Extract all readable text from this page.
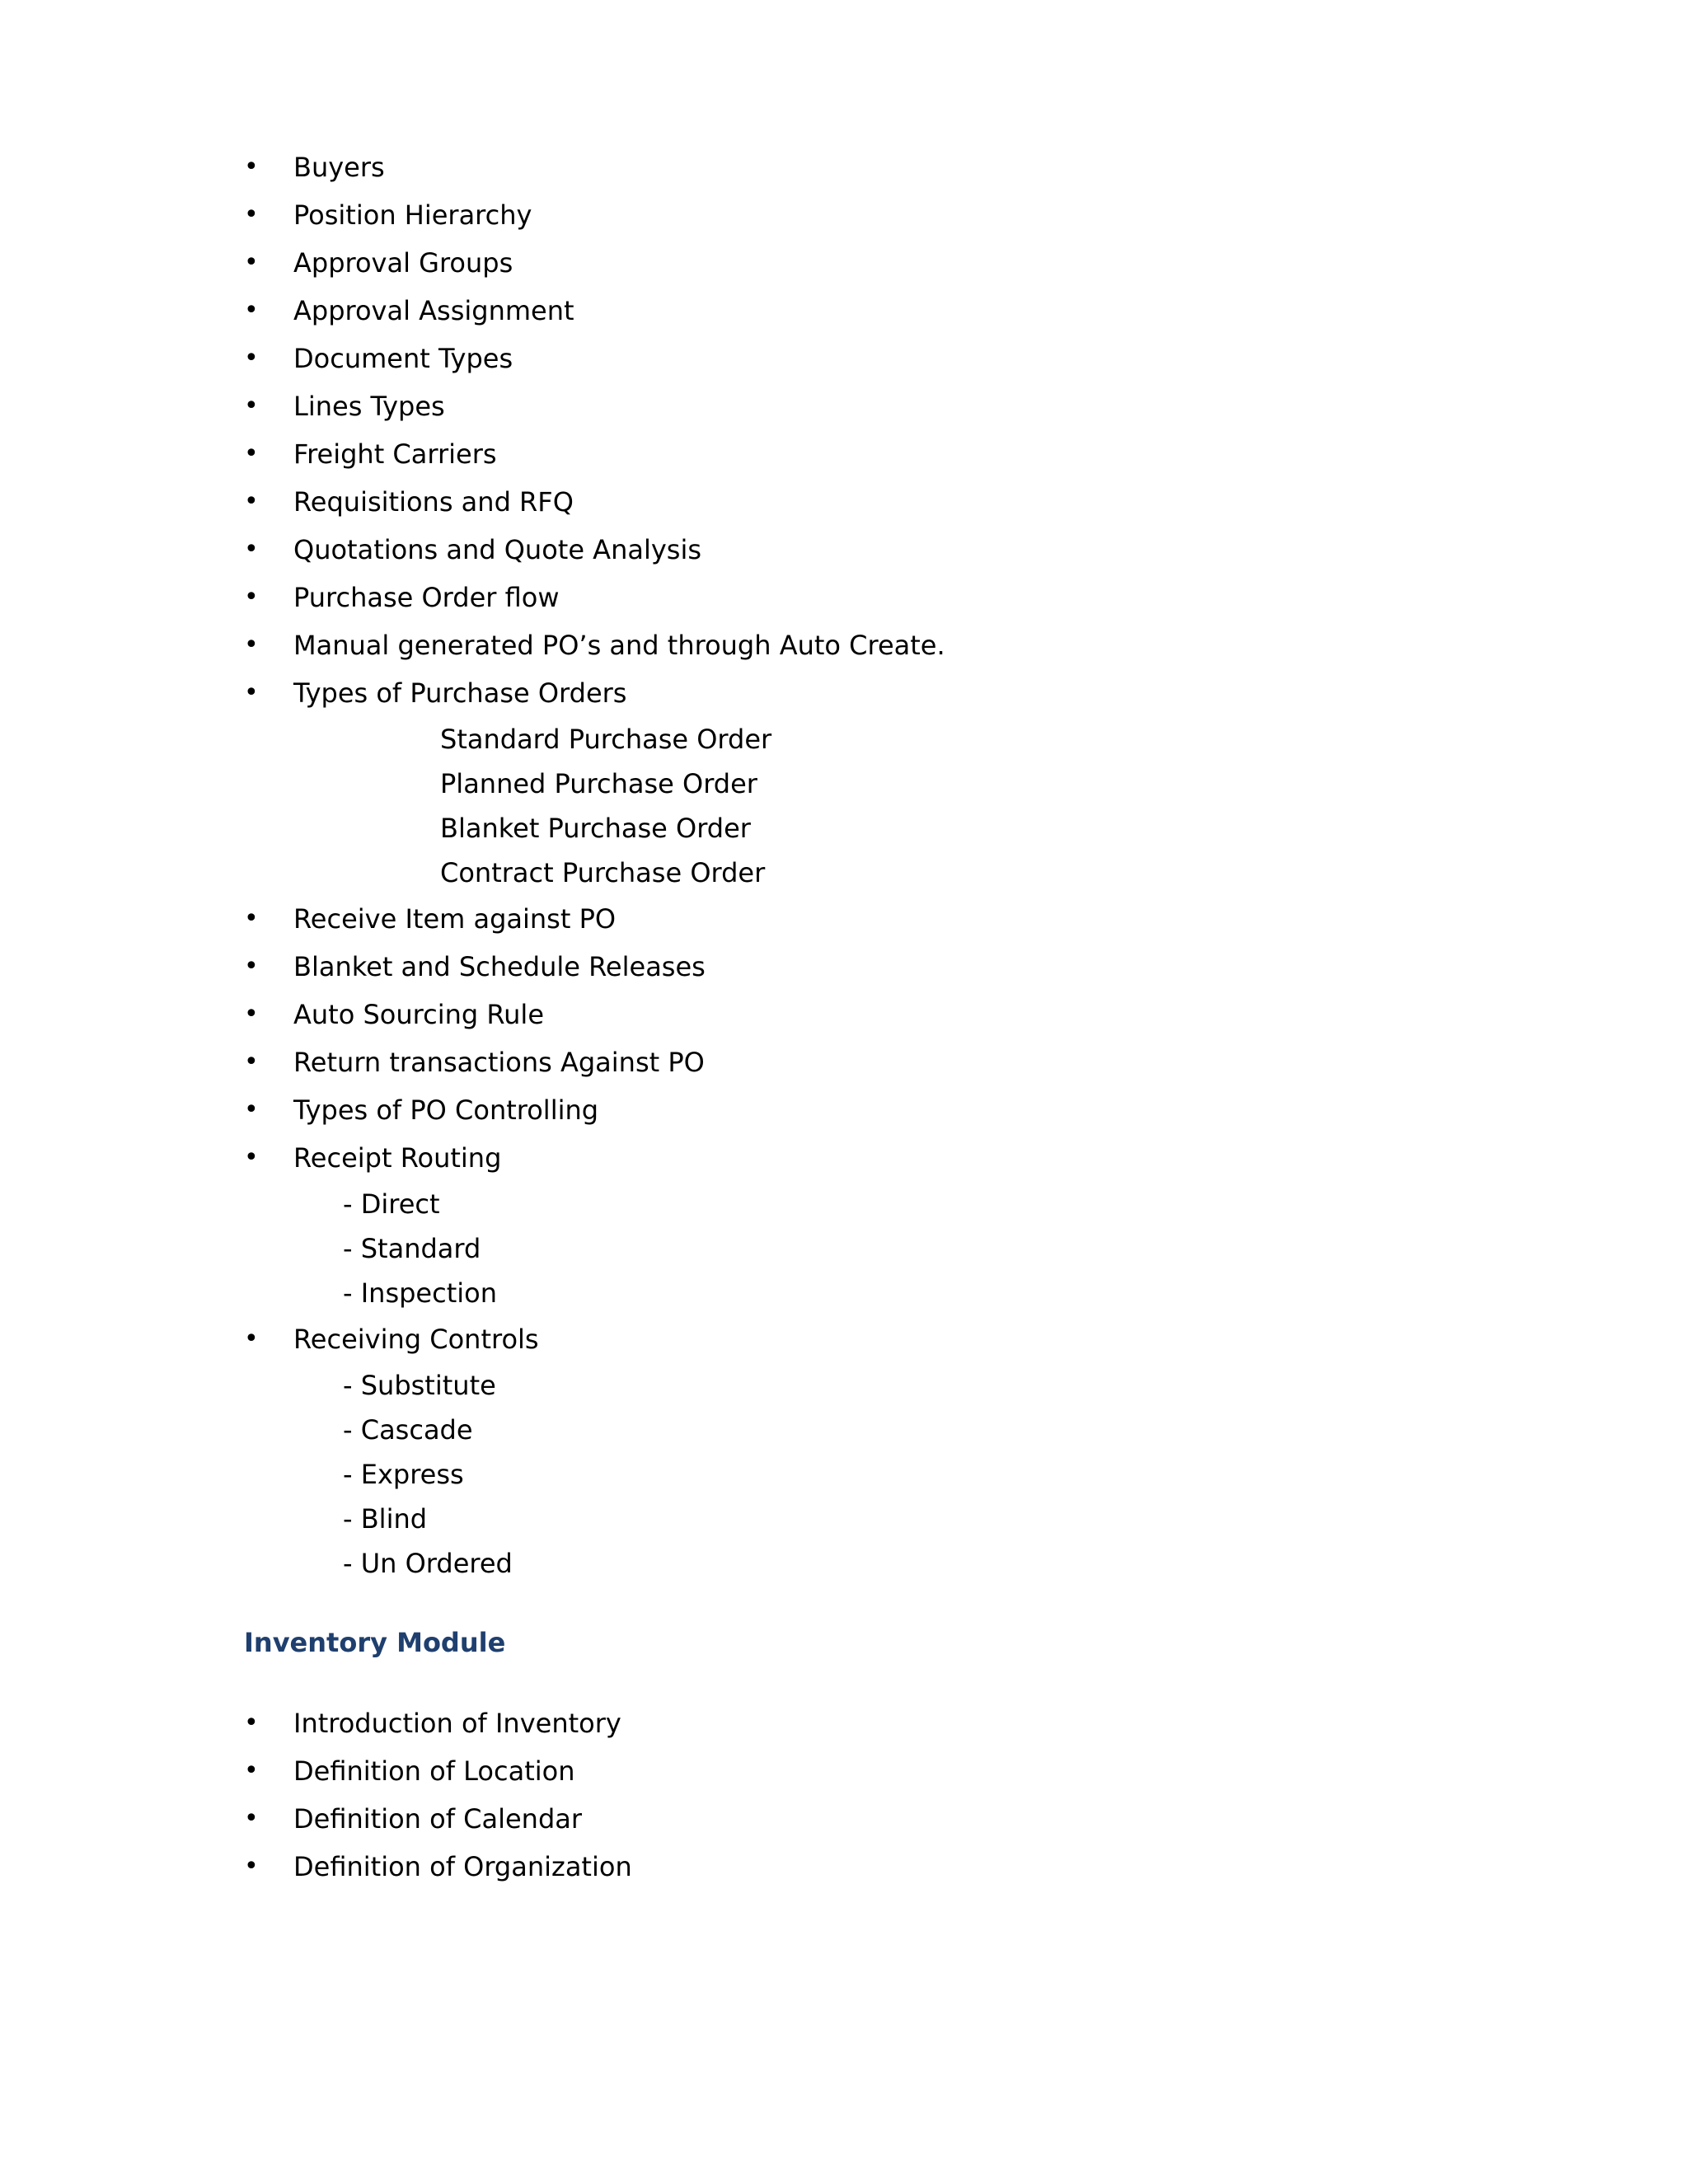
• Buyers
• Position Hierarchy
• Approval Groups
• Approval Assignment
• Document Types
• Lines Types
• Freight Carriers
• Requisitions and RFQ
• Quotations and Quote Analysis
• Purchase Order flow
• Manual generated PO’s and through Auto Create.
• Types of Purchase Orders
Standard Purchase Order
Planned Purchase Order
Blanket Purchase Order
Contract Purchase Order
• Receive Item against PO
• Blanket and Schedule Releases
• Auto Sourcing Rule
• Return transactions Against PO
• Types of PO Controlling
• Receipt Routing
- Direct
- Standard
- Inspection
• Receiving Controls
- Substitute
- Cascade
- Express
- Blind
- Un Ordered
Inventory Module
• Introduction of Inventory
• Definition of Location
• Definition of Calendar
• Definition of Organization
